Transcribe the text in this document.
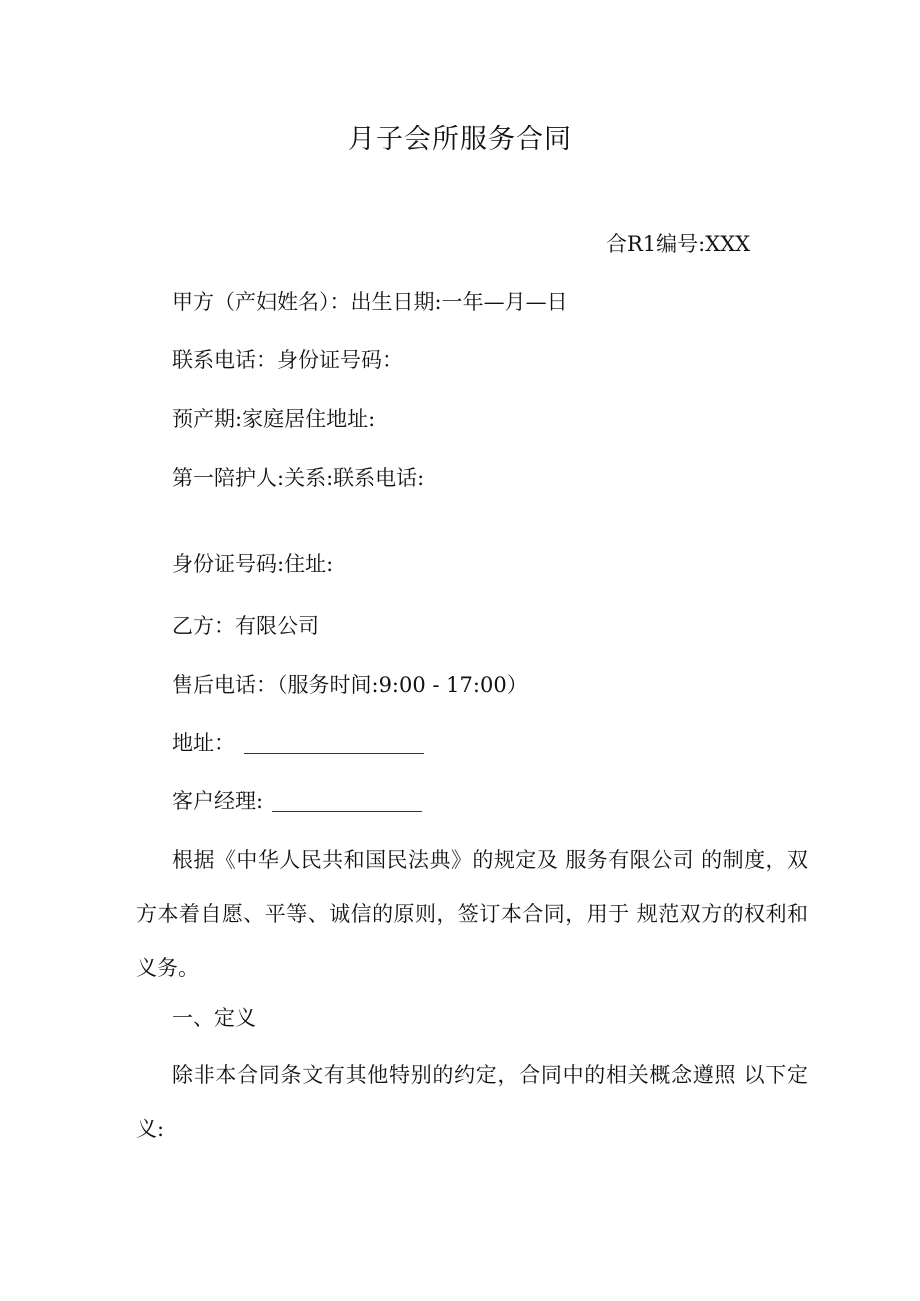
月子会所服务合同
合R1编号:XXX
甲方（产妇姓名）：出生日期:一年—月—日
联系电话：身份证号码：
预产期:家庭居住地址:
第一陪护人:关系:联系电话:
身份证号码:住址:
乙方：有限公司
售后电话：（服务时间:9:00 - 17:00）
地址：
客户经理:
根据《中华人民共和国民法典》的规定及 服务有限公司 的制度，双方本着自愿、平等、诚信的原则，签订本合同，用于 规范双方的权利和义务。
一、定义
除非本合同条文有其他特别的约定，合同中的相关概念遵照 以下定义:
